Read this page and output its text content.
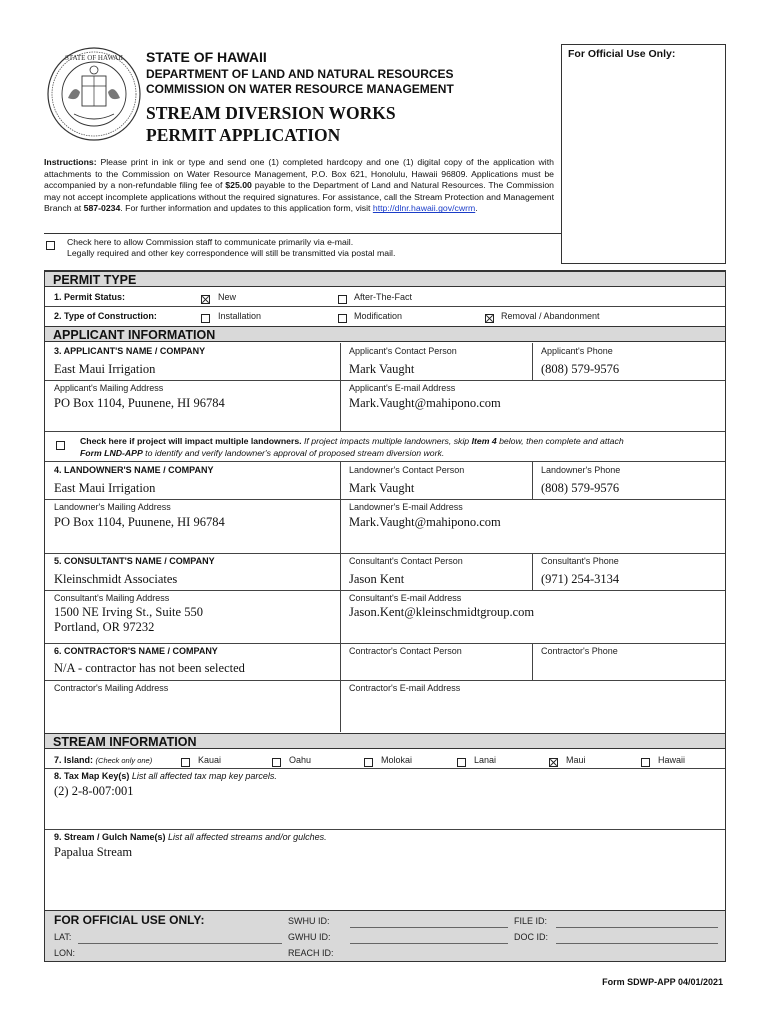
STATE OF HAWAII STATE OF HAWAII
DEPARTMENT OF LAND AND NATURAL RESOURCES
COMMISSION ON WATER RESOURCE MANAGEMENT
STREAM DIVERSION WORKS
PERMIT APPLICATION
For Official Use Only:
Instructions: Please print in ink or type and send one (1) completed hardcopy and one (1) digital copy of the application with attachments to the Commission on Water Resource Management, P.O. Box 621, Honolulu, Hawaii 96809. Applications must be accompanied by a non-refundable filing fee of $25.00 payable to the Department of Land and Natural Resources. The Commission may not accept incomplete applications without the required signatures. For assistance, call the Stream Protection and Management Branch at 587-0234. For further information and updates to this application form, visit http://dlnr.hawaii.gov/cwrm.
Check here to allow Commission staff to communicate primarily via e-mail.
Legally required and other key correspondence will still be transmitted via postal mail.
PERMIT TYPE
1. Permit Status:	New	After-The-Fact
2. Type of Construction:	Installation	Modification	Removal / Abandonment
APPLICANT INFORMATION
3. APPLICANT'S NAME / COMPANY
East Maui Irrigation
Applicant's Contact Person
Mark Vaught
Applicant's Phone
(808) 579-9576
Applicant's Mailing Address
PO Box 1104, Puunene, HI 96784
Applicant's E-mail Address
Mark.Vaught@mahipono.com
Check here if project will impact multiple landowners. If project impacts multiple landowners, skip Item 4 below, then complete and attach
Form LND-APP to identify and verify landowner's approval of proposed stream diversion work.
4. LANDOWNER'S NAME / COMPANY
East Maui Irrigation
Landowner's Contact Person
Mark Vaught
Landowner's Phone
(808) 579-9576
Landowner's Mailing Address
PO Box 1104, Puunene, HI 96784
Landowner's E-mail Address
Mark.Vaught@mahipono.com
5. CONSULTANT'S NAME / COMPANY
Kleinschmidt Associates
Consultant's Contact Person
Jason Kent
Consultant's Phone
(971) 254-3134
Consultant's Mailing Address
1500 NE Irving St., Suite 550
Portland, OR 97232
Consultant's E-mail Address
Jason.Kent@kleinschmidtgroup.com
6. CONTRACTOR'S NAME / COMPANY
N/A - contractor has not been selected
Contractor's Contact Person	Contractor's Phone
Contractor's Mailing Address	Contractor's E-mail Address
STREAM INFORMATION
7. Island: (Check only one)	Kauai	Oahu	Molokai	Lanai	Maui	Hawaii
8. Tax Map Key(s) List all affected tax map key parcels.
(2) 2-8-007:001
9. Stream / Gulch Name(s) List all affected streams and/or gulches.
Papalua Stream
FOR OFFICIAL USE ONLY:
LAT:
LON:
SWHU ID:
GWHU ID:
REACH ID:
FILE ID:
DOC ID:
Form SDWP-APP 04/01/2021
